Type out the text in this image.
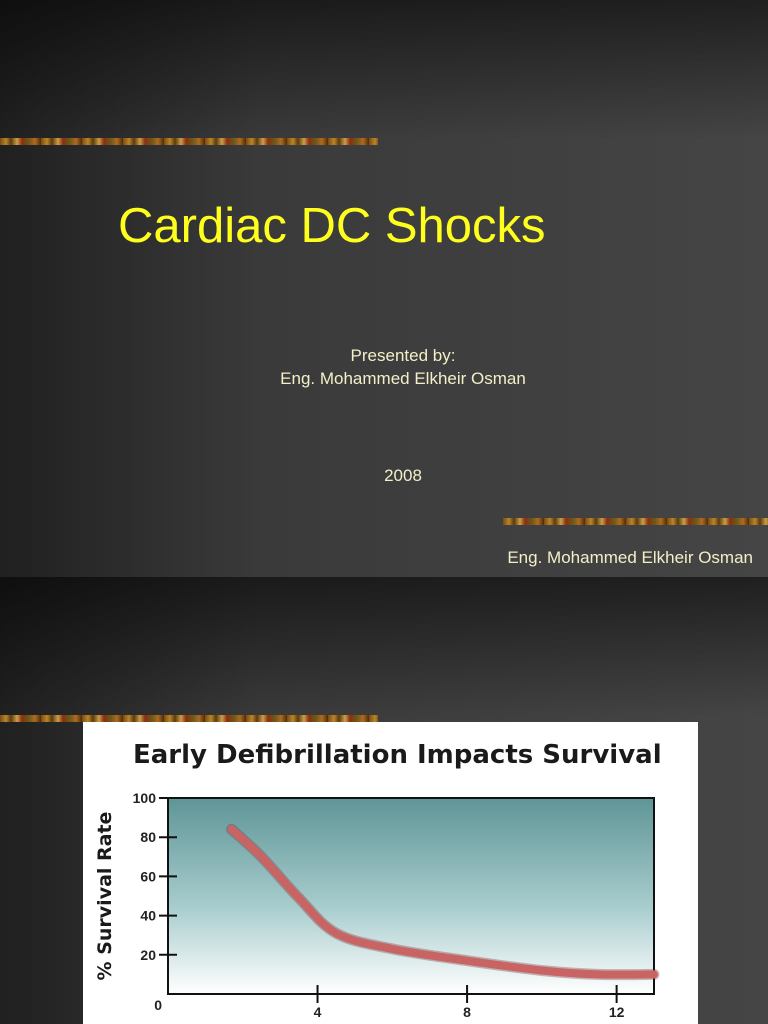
Cardiac DC Shocks
Presented by:
Eng. Mohammed Elkheir Osman
2008
Eng. Mohammed Elkheir Osman
Early Defibrillation Impacts Survival
0
20
40
60
80
100
4	8	12
% Survival Rate
